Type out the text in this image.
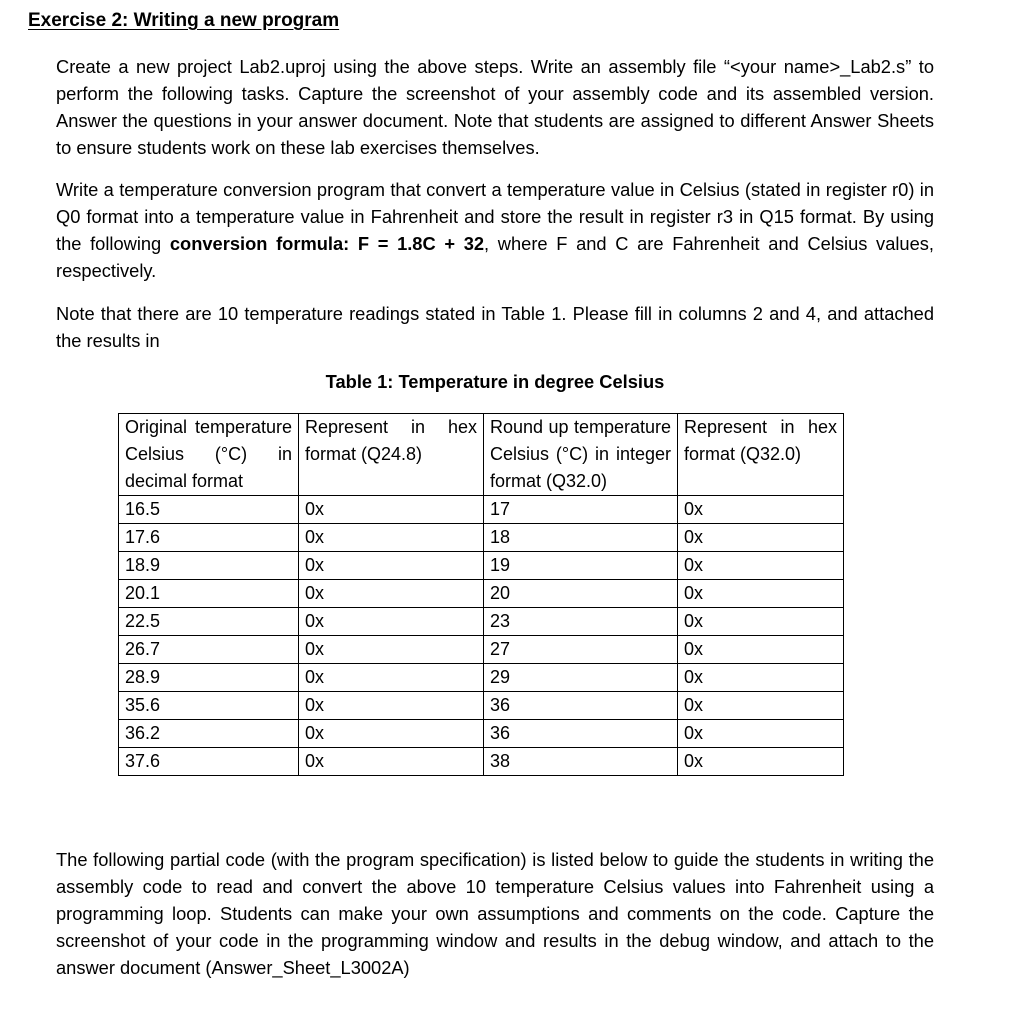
Exercise 2: Writing a new program

Create a new project Lab2.uproj using the above steps. Write an assembly file “<your name>_Lab2.s” to perform the following tasks. Capture the screenshot of your assembly code and its assembled version. Answer the questions in your answer document. Note that students are assigned to different Answer Sheets to ensure students work on these lab exercises themselves.

Write a temperature conversion program that convert a temperature value in Celsius (stated in register r0) in Q0 format into a temperature value in Fahrenheit and store the result in register r3 in Q15 format. By using the following conversion formula: F = 1.8C + 32, where F and C are Fahrenheit and Celsius values, respectively.

Note that there are 10 temperature readings stated in Table 1. Please fill in columns 2 and 4, and attached the results in

Table 1: Temperature in degree Celsius

Original temperature Celsius (°C) in decimal format	Represent in hex format (Q24.8)	Round up temperature Celsius (°C) in integer format (Q32.0)	Represent in hex format (Q32.0)

16.5	0x	17	0x
17.6	0x	18	0x
18.9	0x	19	0x
20.1	0x	20	0x
22.5	0x	23	0x
26.7	0x	27	0x
28.9	0x	29	0x
35.6	0x	36	0x
36.2	0x	36	0x
37.6	0x	38	0x

The following partial code (with the program specification) is listed below to guide the students in writing the assembly code to read and convert the above 10 temperature Celsius values into Fahrenheit using a programming loop. Students can make your own assumptions and comments on the code. Capture the screenshot of your code in the programming window and results in the debug window, and attach to the answer document (Answer_Sheet_L3002A)
